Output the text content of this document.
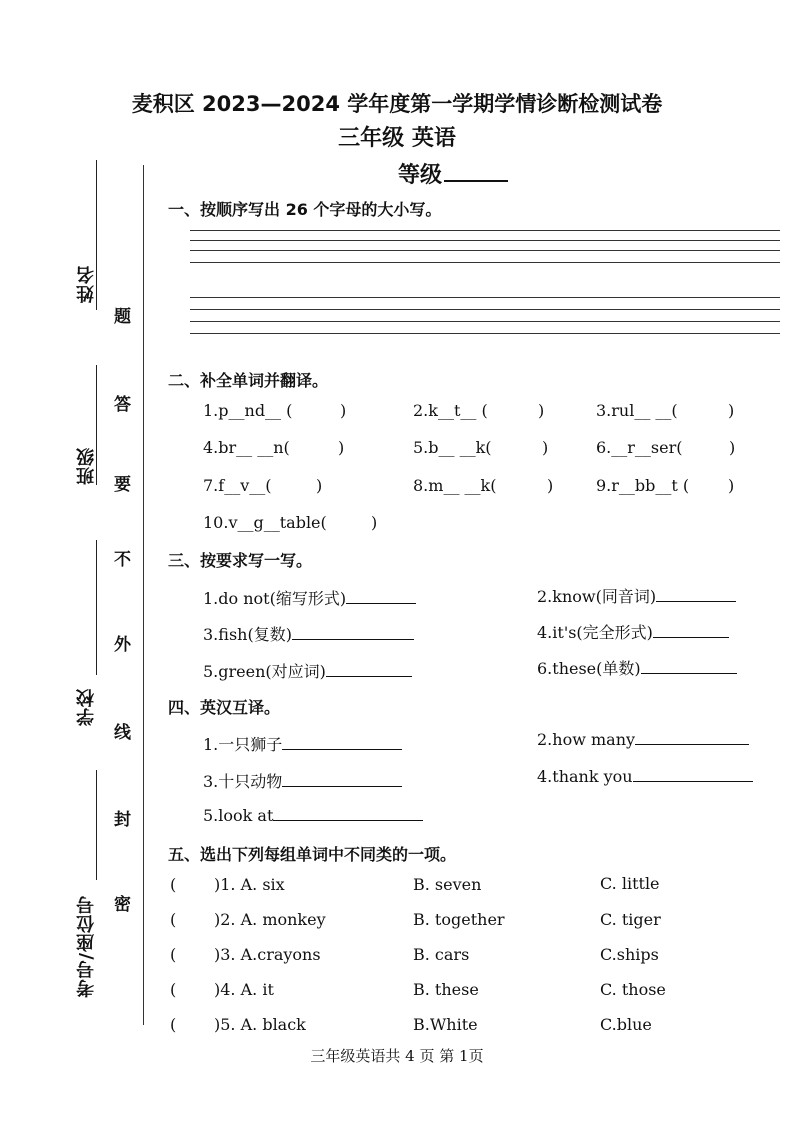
姓名
班级
学校
考号/座位号
题
答
要
不
外
线
封
密
麦积区 2023—2024 学年度第一学期学情诊断检测试卷
三年级 英语
等级
一、按顺序写出 26 个字母的大小写。
二、补全单词并翻译。
1.p__nd__ (	)	2.k__t__ (	)	3.rul__ __(	)
4.br__ __n(	)	5.b__ __k(	)	6.__r__ser(	)
7.f__v__(	)	8.m__ __k(	)	9.r__bb__t ( )
10.v__g__table(	)
三、按要求写一写。
1.do not(缩写形式)	2.know(同音词)
3.fish(复数)	4.it's(完全形式)
5.green(对应词)	6.these(单数)
四、英汉互译。
1.一只狮子	2.how many
3.十只动物	4.thank you
5.look at
五、选出下列每组单词中不同类的一项。
( )1. A. six	B. seven	C. little
( )2. A. monkey	B. together	C. tiger
( )3. A.crayons	B. cars	C.ships
( )4. A. it	B. these	C. those
( )5. A. black	B.White	C.blue
三年级英语共 4 页 第 1页
